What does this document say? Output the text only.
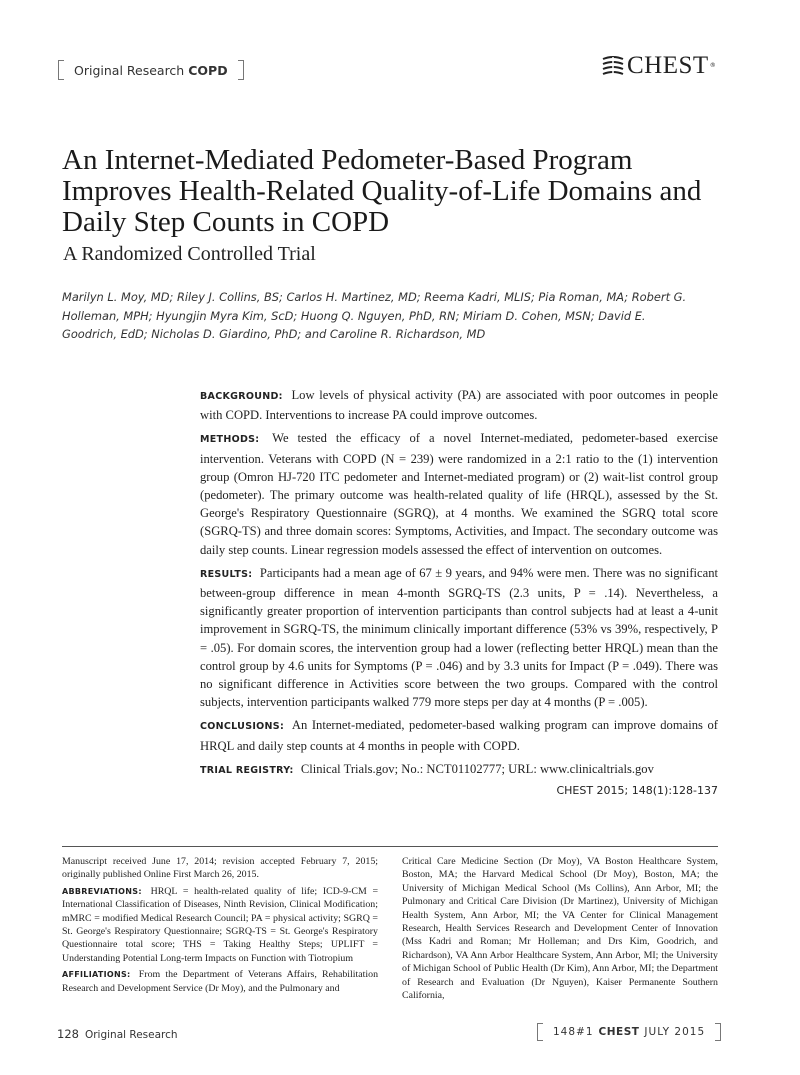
Original Research COPD	CHEST ®
An Internet-Mediated Pedometer-Based Program Improves Health-Related Quality-of-Life Domains and Daily Step Counts in COPD
A Randomized Controlled Trial
Marilyn L. Moy, MD; Riley J. Collins, BS; Carlos H. Martinez, MD; Reema Kadri, MLIS; Pia Roman, MA; Robert G. Holleman, MPH; Hyungjin Myra Kim, ScD; Huong Q. Nguyen, PhD, RN; Miriam D. Cohen, MSN; David E. Goodrich, EdD; Nicholas D. Giardino, PhD; and Caroline R. Richardson, MD

BACKGROUND: Low levels of physical activity (PA) are associated with poor outcomes in people with COPD. Interventions to increase PA could improve outcomes.

METHODS: We tested the efficacy of a novel Internet-mediated, pedometer-based exercise intervention. Veterans with COPD (N = 239) were randomized in a 2:1 ratio to the (1) intervention group (Omron HJ-720 ITC pedometer and Internet-mediated program) or (2) wait-list control group (pedometer). The primary outcome was health-related quality of life (HRQL), assessed by the St. George's Respiratory Questionnaire (SGRQ), at 4 months. We examined the SGRQ total score (SGRQ-TS) and three domain scores: Symptoms, Activities, and Impact. The secondary outcome was daily step counts. Linear regression models assessed the effect of intervention on outcomes.

RESULTS: Participants had a mean age of 67 ± 9 years, and 94% were men. There was no significant between-group difference in mean 4-month SGRQ-TS (2.3 units, P = .14). Nevertheless, a significantly greater proportion of intervention participants than control subjects had at least a 4-unit improvement in SGRQ-TS, the minimum clinically important difference (53% vs 39%, respectively, P = .05). For domain scores, the intervention group had a lower (reflecting better HRQL) mean than the control group by 4.6 units for Symptoms (P = .046) and by 3.3 units for Impact (P = .049). There was no significant difference in Activities score between the two groups. Compared with the control subjects, intervention participants walked 779 more steps per day at 4 months (P = .005).

CONCLUSIONS: An Internet-mediated, pedometer-based walking program can improve domains of HRQL and daily step counts at 4 months in people with COPD.

TRIAL REGISTRY: Clinical Trials.gov; No.: NCT01102777; URL: www.clinicaltrials.gov

CHEST 2015; 148(1):128-137

Manuscript received June 17, 2014; revision accepted February 7, 2015; originally published Online First March 26, 2015.

ABBREVIATIONS: HRQL = health-related quality of life; ICD-9-CM = International Classification of Diseases, Ninth Revision, Clinical Modification; mMRC = modified Medical Research Council; PA = physical activity; SGRQ = St. George's Respiratory Questionnaire; SGRQ-TS = St. George's Respiratory Questionnaire total score; THS = Taking Healthy Steps; UPLIFT = Understanding Potential Long-term Impacts on Function with Tiotropium

AFFILIATIONS: From the Department of Veterans Affairs, Rehabilitation Research and Development Service (Dr Moy), and the Pulmonary and

Critical Care Medicine Section (Dr Moy), VA Boston Healthcare System, Boston, MA; the Harvard Medical School (Dr Moy), Boston, MA; the University of Michigan Medical School (Ms Collins), Ann Arbor, MI; the Pulmonary and Critical Care Division (Dr Martinez), University of Michigan Health System, Ann Arbor, MI; the VA Center for Clinical Management Research, Health Services Research and Development Center of Innovation (Mss Kadri and Roman; Mr Holleman; and Drs Kim, Goodrich, and Richardson), VA Ann Arbor Healthcare System, Ann Arbor, MI; the University of Michigan School of Public Health (Dr Kim), Ann Arbor, MI; the Department of Research and Evaluation (Dr Nguyen), Kaiser Permanente Southern California,

128 Original Research	148#1 CHEST JULY 2015
